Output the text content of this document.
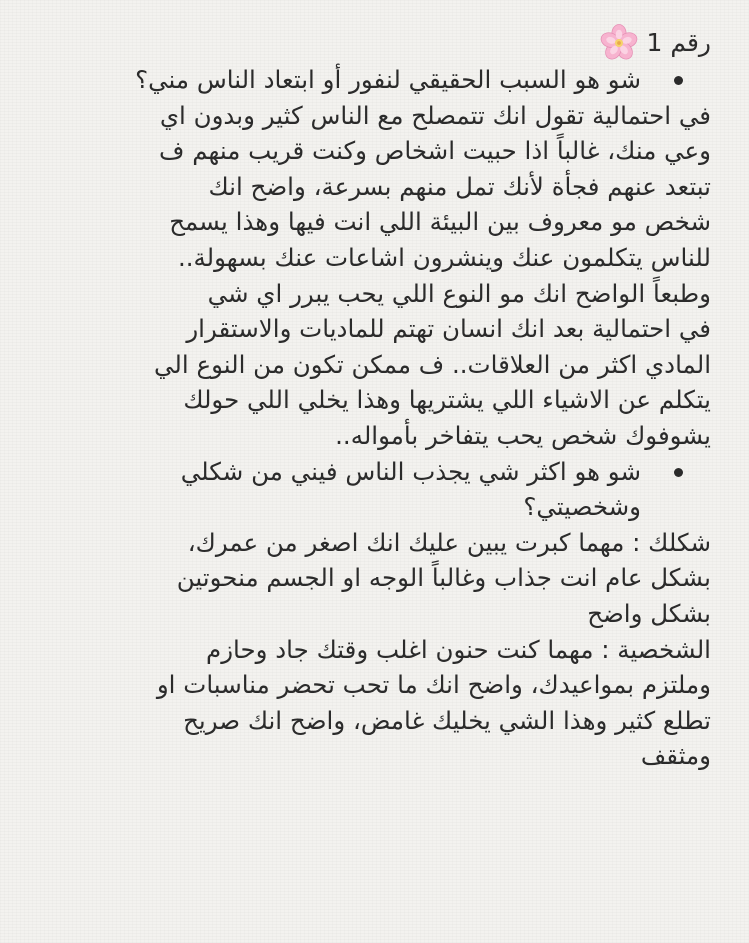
رقم 1
شو هو السبب الحقيقي لنفور أو ابتعاد الناس مني؟
في احتمالية تقول انك تتمصلح مع الناس كثير وبدون اي
وعي منك، غالباً اذا حبيت اشخاص وكنت قريب منهم ف
تبتعد عنهم فجأة لأنك تمل منهم بسرعة، واضح انك
شخص مو معروف بين البيئة اللي انت فيها وهذا يسمح
للناس يتكلمون عنك وينشرون اشاعات عنك بسهولة..
وطبعاً الواضح انك مو النوع اللي يحب يبرر اي شي
في احتمالية بعد انك انسان تهتم للماديات والاستقرار
المادي اكثر من العلاقات.. ف ممكن تكون من النوع الي
يتكلم عن الاشياء اللي يشتريها وهذا يخلي اللي حولك
يشوفوك شخص يحب يتفاخر بأمواله..
شو هو اكثر شي يجذب الناس فيني من شكلي
وشخصيتي؟
شكلك : مهما كبرت يبين عليك انك اصغر من عمرك،
بشكل عام انت جذاب وغالباً الوجه او الجسم منحوتين
بشكل واضح
الشخصية : مهما كنت حنون اغلب وقتك جاد وحازم
وملتزم بمواعيدك، واضح انك ما تحب تحضر مناسبات او
تطلع كثير وهذا الشي يخليك غامض، واضح انك صريح
ومثقف
